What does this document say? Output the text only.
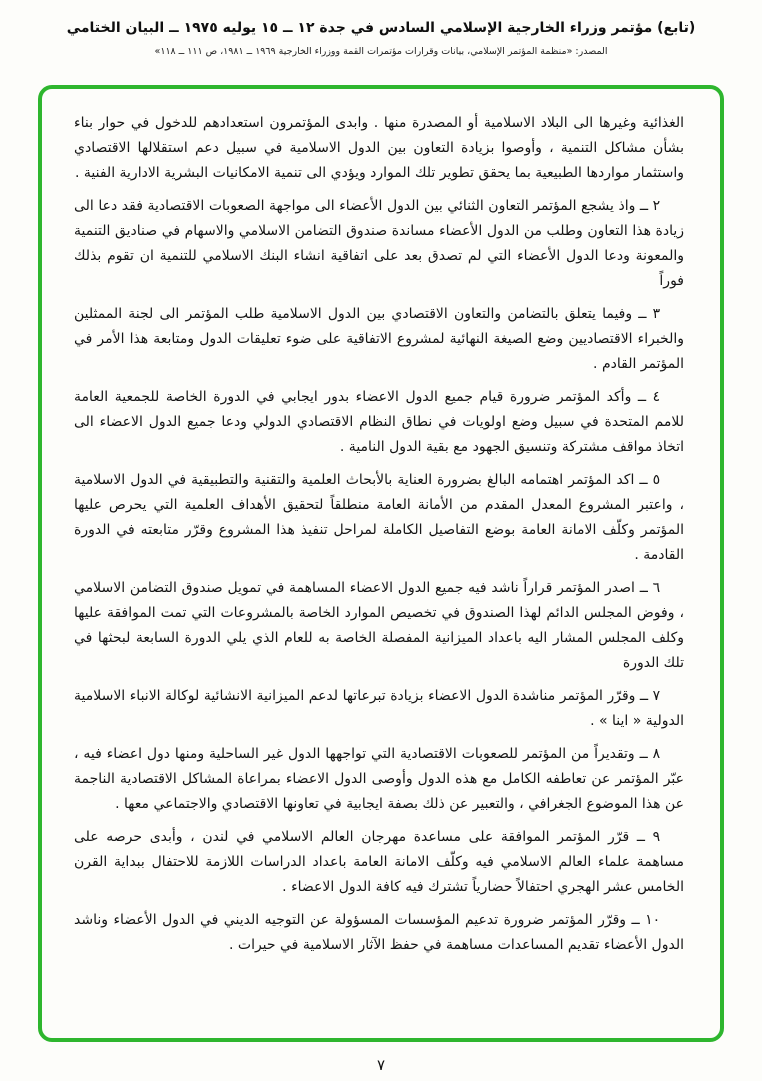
(تابع) مؤتمر وزراء الخارجية الإسلامي السادس في جدة ١٢ ــ ١٥ يوليه ١٩٧٥ ــ البيان الختامي
المصدر: «منظمة المؤتمر الإسلامي، بيانات وقرارات مؤتمرات القمة ووزراء الخارجية ١٩٦٩ ــ ١٩٨١، ص ١١١ ــ ١١٨»

الغذائية وغيرها الى البلاد الاسلامية أو المصدرة منها . وابدى المؤتمرون استعدادهم للدخول في حوار بناء بشأن مشاكل التنمية ، وأوصوا بزيادة التعاون بين الدول الاسلامية في سبيل دعم استقلالها الاقتصادي واستثمار مواردها الطبيعية بما يحقق تطوير تلك الموارد ويؤدي الى تنمية الامكانيات البشرية الادارية الفنية .

٢ ــ واذ يشجع المؤتمر التعاون الثنائي بين الدول الأعضاء الى مواجهة الصعوبات الاقتصادية فقد دعا الى زيادة هذا التعاون وطلب من الدول الأعضاء مساندة صندوق التضامن الاسلامي والاسهام في صناديق التنمية والمعونة ودعا الدول الأعضاء التي لم تصدق بعد على اتفاقية انشاء البنك الاسلامي للتنمية ان تقوم بذلك فوراً

٣ ــ وفيما يتعلق بالتضامن والتعاون الاقتصادي بين الدول الاسلامية طلب المؤتمر الى لجنة الممثلين والخبراء الاقتصاديين وضع الصيغة النهائية لمشروع الاتفاقية على ضوء تعليقات الدول ومتابعة هذا الأمر في المؤتمر القادم .

٤ ــ وأكد المؤتمر ضرورة قيام جميع الدول الاعضاء بدور ايجابي في الدورة الخاصة للجمعية العامة للامم المتحدة في سبيل وضع اولويات في نطاق النظام الاقتصادي الدولي ودعا جميع الدول الاعضاء الى اتخاذ مواقف مشتركة وتنسيق الجهود مع بقية الدول النامية .

٥ ــ اكد المؤتمر اهتمامه البالغ بضرورة العناية بالأبحاث العلمية والتقنية والتطبيقية في الدول الاسلامية ، واعتبر المشروع المعدل المقدم من الأمانة العامة منطلقاً لتحقيق الأهداف العلمية التي يحرص عليها المؤتمر وكلّف الامانة العامة بوضع التفاصيل الكاملة لمراحل تنفيذ هذا المشروع وقرّر متابعته في الدورة القادمة .

٦ ــ اصدر المؤتمر قراراً ناشد فيه جميع الدول الاعضاء المساهمة في تمويل صندوق التضامن الاسلامي ، وفوض المجلس الدائم لهذا الصندوق في تخصيص الموارد الخاصة بالمشروعات التي تمت الموافقة عليها وكلف المجلس المشار اليه باعداد الميزانية المفصلة الخاصة به للعام الذي يلي الدورة السابعة لبحثها في تلك الدورة

٧ ــ وقرّر المؤتمر مناشدة الدول الاعضاء بزيادة تبرعاتها لدعم الميزانية الانشائية لوكالة الانباء الاسلامية الدولية « اينا » .

٨ ــ وتقديراً من المؤتمر للصعوبات الاقتصادية التي تواجهها الدول غير الساحلية ومنها دول اعضاء فيه ، عبّر المؤتمر عن تعاطفه الكامل مع هذه الدول وأوصى الدول الاعضاء بمراعاة المشاكل الاقتصادية الناجمة عن هذا الموضوع الجغرافي ، والتعبير عن ذلك بصفة ايجابية في تعاونها الاقتصادي والاجتماعي معها .

٩ ــ قرّر المؤتمر الموافقة على مساعدة مهرجان العالم الاسلامي في لندن ، وأبدى حرصه على مساهمة علماء العالم الاسلامي فيه وكلّف الامانة العامة باعداد الدراسات اللازمة للاحتفال ببداية القرن الخامس عشر الهجري احتفالاً حضارياً تشترك فيه كافة الدول الاعضاء .

١٠ ــ وقرّر المؤتمر ضرورة تدعيم المؤسسات المسؤولة عن التوجيه الديني في الدول الأعضاء وناشد الدول الأعضاء تقديم المساعدات مساهمة في حفظ الآثار الاسلامية في حيرات .

٧
